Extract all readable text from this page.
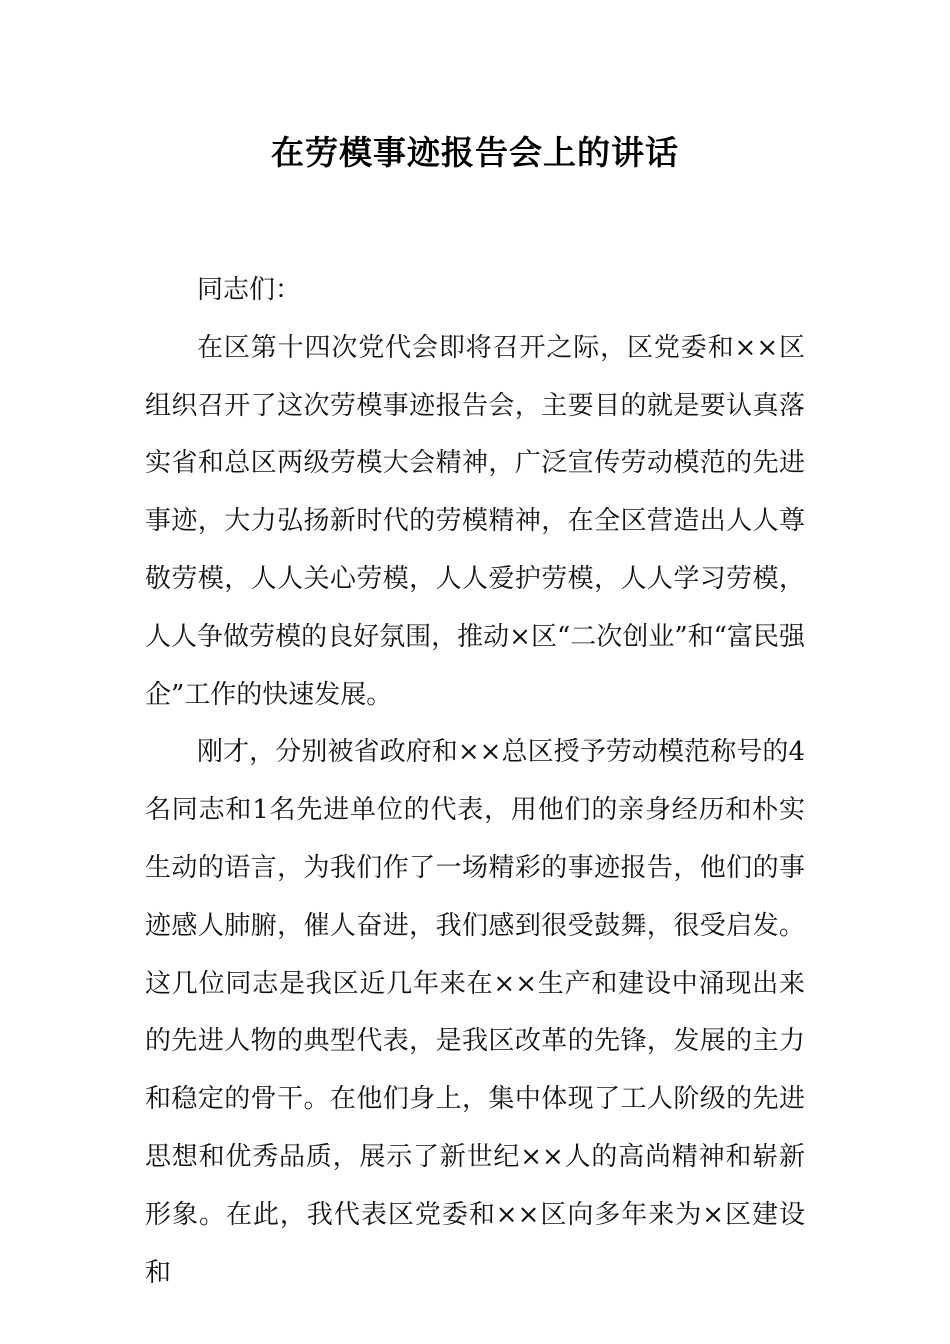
在劳模事迹报告会上的讲话

同志们：

在区第十四次党代会即将召开之际，区党委和××区组织召开了这次劳模事迹报告会，主要目的就是要认真落实省和总区两级劳模大会精神，广泛宣传劳动模范的先进事迹，大力弘扬新时代的劳模精神，在全区营造出人人尊敬劳模，人人关心劳模，人人爱护劳模，人人学习劳模，人人争做劳模的良好氛围，推动×区“二次创业”和“富民强企”工作的快速发展。

刚才，分别被省政府和××总区授予劳动模范称号的4名同志和1名先进单位的代表，用他们的亲身经历和朴实生动的语言，为我们作了一场精彩的事迹报告，他们的事迹感人肺腑，催人奋进，我们感到很受鼓舞，很受启发。这几位同志是我区近几年来在××生产和建设中涌现出来的先进人物的典型代表，是我区改革的先锋，发展的主力和稳定的骨干。在他们身上，集中体现了工人阶级的先进思想和优秀品质，展示了新世纪××人的高尚精神和崭新形象。在此，我代表区党委和××区向多年来为×区建设和
